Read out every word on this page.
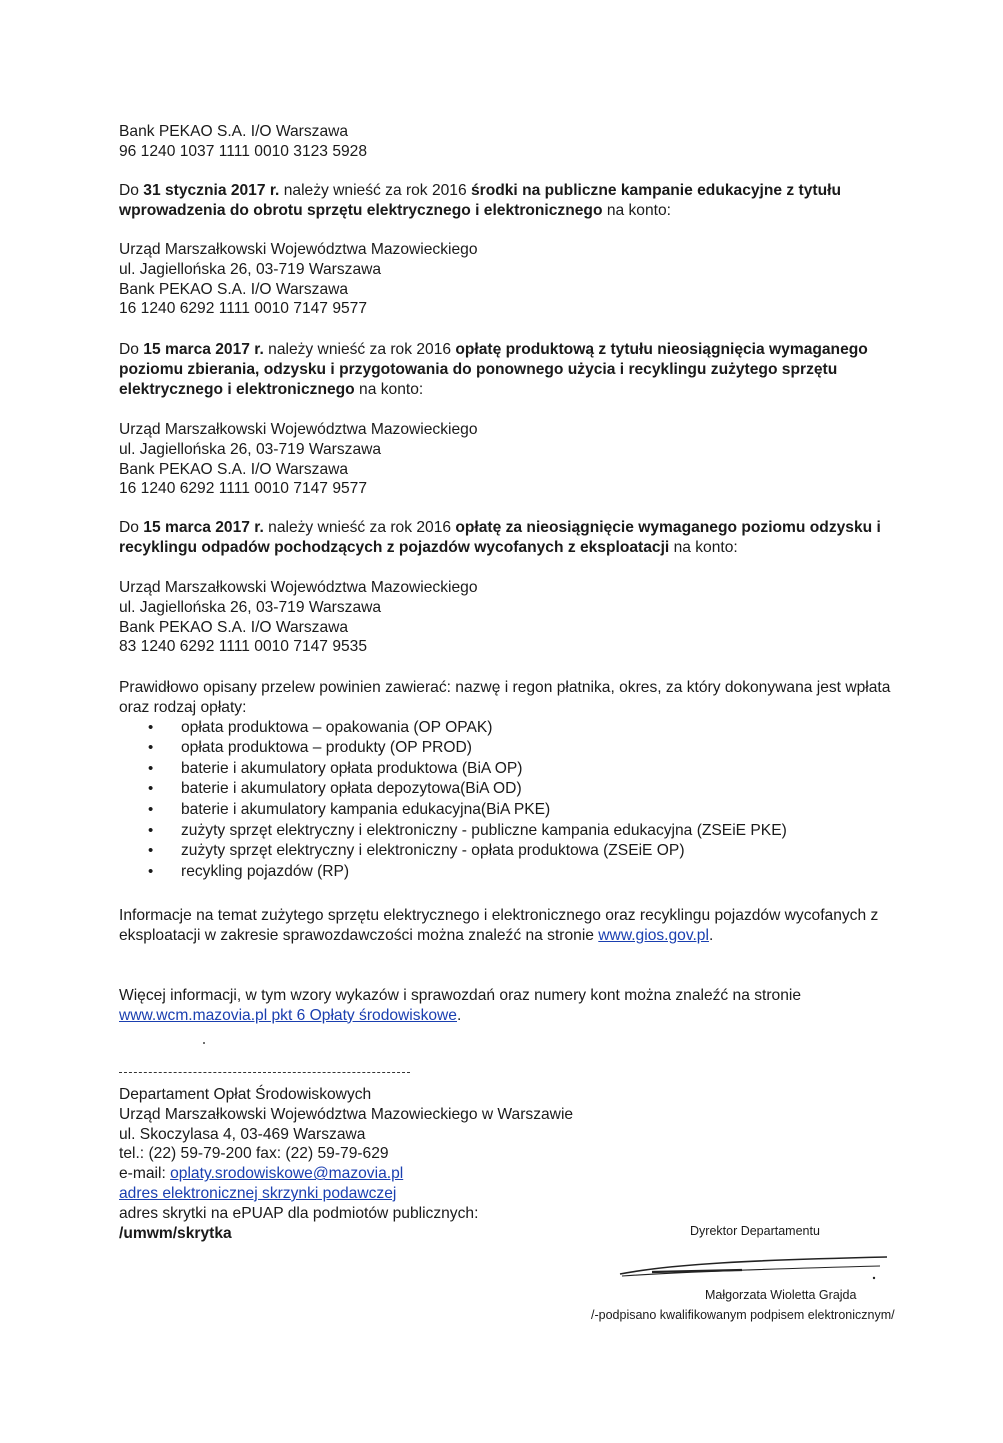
Bank PEKAO S.A. I/O Warszawa

96 1240 1037 1111 0010 3123 5928

Do 31 stycznia 2017 r. należy wnieść za rok 2016 środki na publiczne kampanie edukacyjne z tytułu wprowadzenia do obrotu sprzętu elektrycznego i elektronicznego na konto:

Urząd Marszałkowski Województwa Mazowieckiego

ul. Jagiellońska 26, 03-719 Warszawa

Bank PEKAO S.A. I/O Warszawa

16 1240 6292 1111 0010 7147 9577

Do 15 marca 2017 r. należy wnieść za rok 2016 opłatę produktową z tytułu nieosiągnięcia wymaganego poziomu zbierania, odzysku i przygotowania do ponownego użycia i recyklingu zużytego sprzętu elektrycznego i elektronicznego na konto:

Urząd Marszałkowski Województwa Mazowieckiego

ul. Jagiellońska 26, 03-719 Warszawa

Bank PEKAO S.A. I/O Warszawa

16 1240 6292 1111 0010 7147 9577

Do 15 marca 2017 r. należy wnieść za rok 2016 opłatę za nieosiągnięcie wymaganego poziomu odzysku i recyklingu odpadów pochodzących z pojazdów wycofanych z eksploatacji na konto:

Urząd Marszałkowski Województwa Mazowieckiego

ul. Jagiellońska 26, 03-719 Warszawa

Bank PEKAO S.A. I/O Warszawa

83 1240 6292 1111 0010 7147 9535

Prawidłowo opisany przelew powinien zawierać: nazwę i regon płatnika, okres, za który dokonywana jest wpłata oraz rodzaj opłaty:

• opłata produktowa – opakowania (OP OPAK)
• opłata produktowa – produkty (OP PROD)
• baterie i akumulatory opłata produktowa (BiA OP)
• baterie i akumulatory opłata depozytowa(BiA OD)
• baterie i akumulatory kampania edukacyjna(BiA PKE)
• zużyty sprzęt elektryczny i elektroniczny - publiczne kampania edukacyjna (ZSEiE PKE)
• zużyty sprzęt elektryczny i elektroniczny - opłata produktowa (ZSEiE OP)
• recykling pojazdów (RP)

Informacje na temat zużytego sprzętu elektrycznego i elektronicznego oraz recyklingu pojazdów wycofanych z eksploatacji w zakresie sprawozdawczości można znaleźć na stronie www.gios.gov.pl.

Więcej informacji, w tym wzory wykazów i sprawozdań oraz numery kont można znaleźć na stronie www.wcm.mazovia.pl pkt 6 Opłaty środowiskowe.

Departament Opłat Środowiskowych

Urząd Marszałkowski Województwa Mazowieckiego w Warszawie

ul. Skoczylasa 4, 03-469 Warszawa

tel.: (22) 59-79-200 fax: (22) 59-79-629

e-mail: oplaty.srodowiskowe@mazovia.pl

adres elektronicznej skrzynki podawczej

adres skrytki na ePUAP dla podmiotów publicznych:

/umwm/skrytka	Dyrektor Departamentu
Małgorzata Wioletta Grajda
/-podpisano kwalifikowanym podpisem elektronicznym/
